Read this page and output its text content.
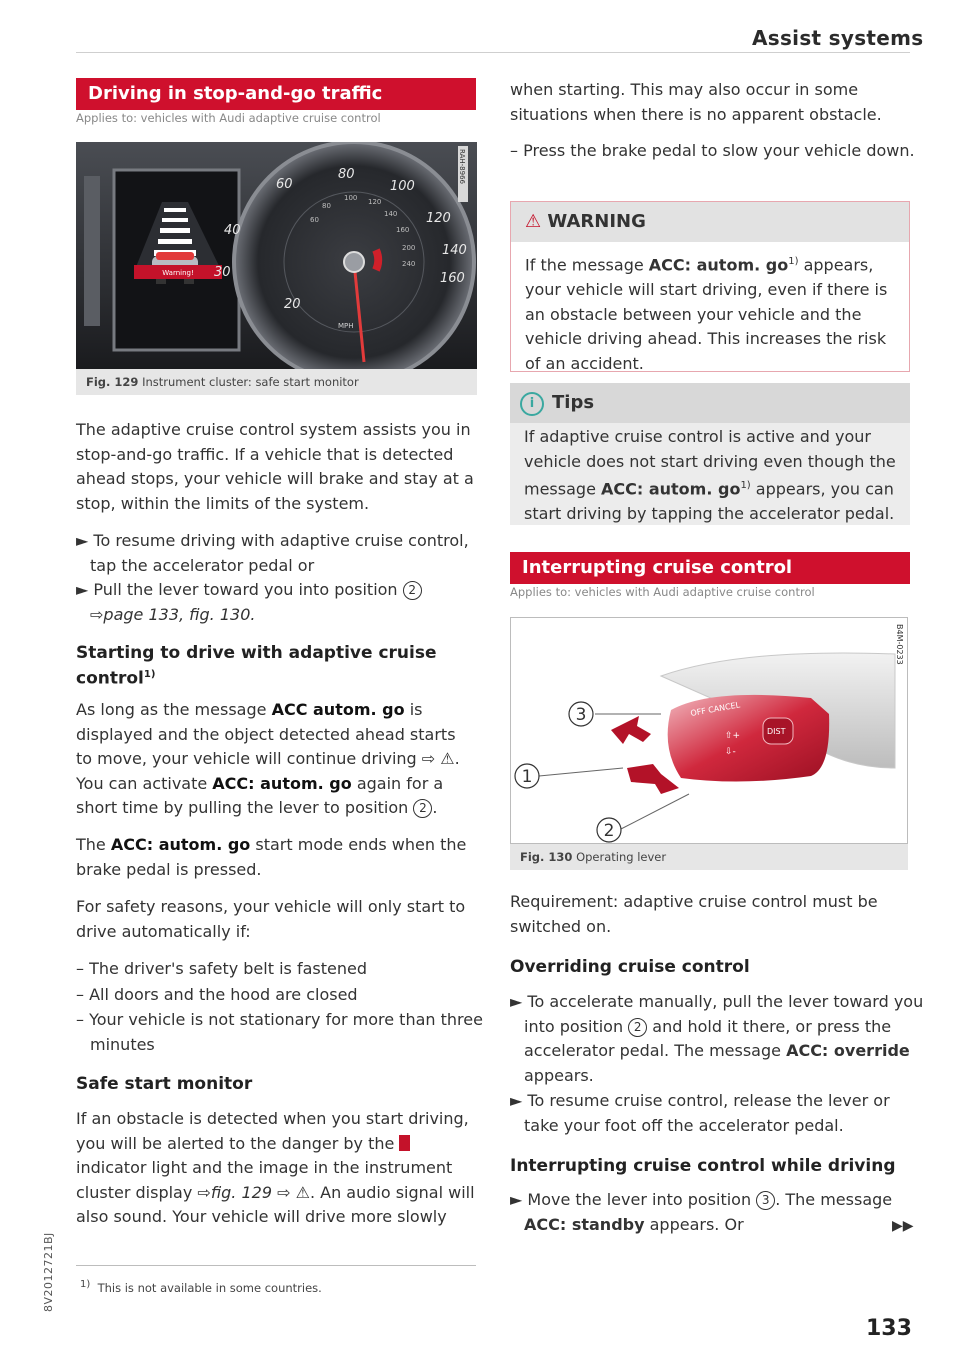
Assist systems
Driving in stop-and-go traffic
Applies to: vehicles with Audi adaptive cruise control
Warning! 30
20
40
60
80
100
120
140
160
60
80
100 120
140
160
200
240
MPH
RAH-8966
Fig. 129 Instrument cluster: safe start monitor
The adaptive cruise control system assists you in stop-and-go traffic. If a vehicle that is detected ahead stops, your vehicle will brake and stay at a stop, within the limits of the system.
► To resume driving with adaptive cruise control, tap the accelerator pedal or
► Pull the lever toward you into position 2
⇨page 133, fig. 130.
Starting to drive with adaptive cruise control$^{1)}$
As long as the message ACC autom. go is displayed and the object detected ahead starts to move, your vehicle will continue driving ⇨ ⚠. You can activate ACC: autom. go again for a short time by pulling the lever to position 2 .
The ACC: autom. go start mode ends when the brake pedal is pressed.
For safety reasons, your vehicle will only start to drive automatically if:
– The driver's safety belt is fastened
– All doors and the hood are closed
– Your vehicle is not stationary for more than three minutes
Safe start monitor
If an obstacle is detected when you start driving, you will be alerted to the danger by the  indicator light and the image in the instrument cluster display ⇨fig. 129 ⇨ ⚠. An audio signal will also sound. Your vehicle will drive more slowly
$^{1)}$ This is not available in some countries.
when starting. This may also occur in some situations when there is no apparent obstacle.
– Press the brake pedal to slow your vehicle down.
⚠ WARNING
If the message ACC: autom. $go^{1)}$ appears, your vehicle will start driving, even if there is an obstacle between your vehicle and the vehicle driving ahead. This increases the risk of an accident.
i Tips
If adaptive cruise control is active and your vehicle does not start driving even though the message ACC: autom. $go^{1)}$ appears, you can start driving by tapping the accelerator pedal.
Interrupting cruise control
Applies to: vehicles with Audi adaptive cruise control
OFF CANCEL
DIST
⇧+
⇩-
3
1
2
B4M-0233
Fig. 130 Operating lever
Requirement: adaptive cruise control must be switched on.
Overriding cruise control
► To accelerate manually, pull the lever toward you into position 2 and hold it there, or press the accelerator pedal. The message ACC: override appears.
► To resume cruise control, release the lever or take your foot off the accelerator pedal.
Interrupting cruise control while driving
► Move the lever into position 3 . The message ACC: standby appears. Or	▶▶
133
8V2012721BJ
